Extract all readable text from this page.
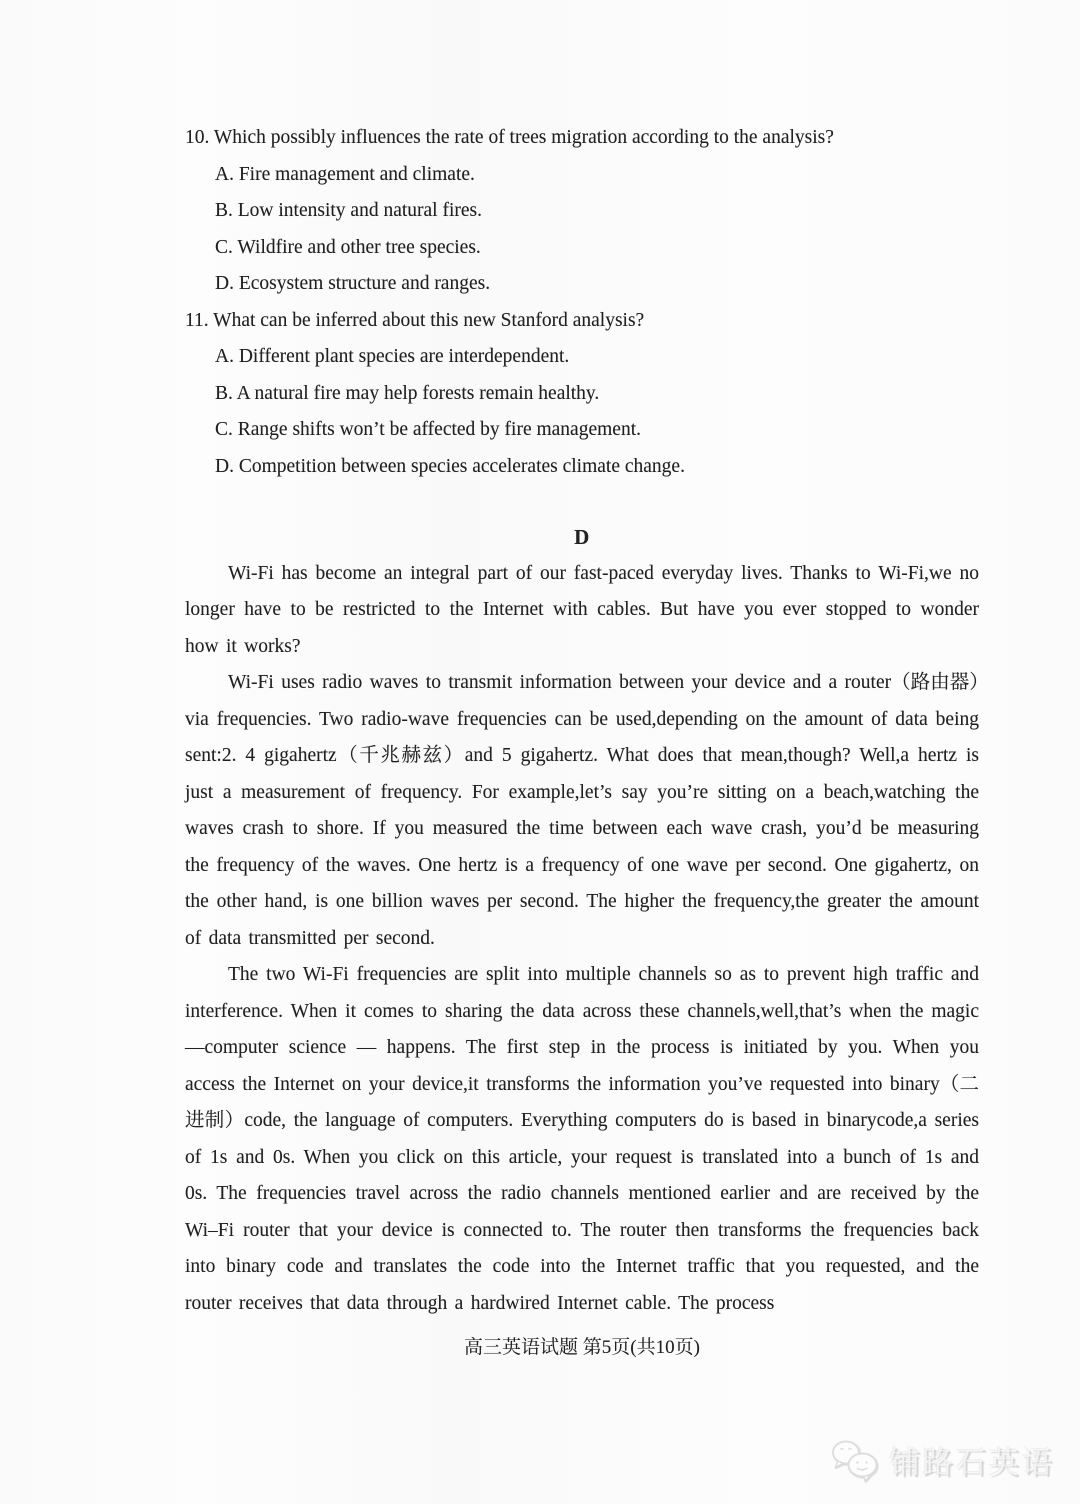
10. Which possibly influences the rate of trees migration according to the analysis?
A. Fire management and climate.
B. Low intensity and natural fires.
C. Wildfire and other tree species.
D. Ecosystem structure and ranges.
11. What can be inferred about this new Stanford analysis?
A. Different plant species are interdependent.
B. A natural fire may help forests remain healthy.
C. Range shifts won’t be affected by fire management.
D. Competition between species accelerates climate change.
D

Wi-Fi has become an integral part of our fast-paced everyday lives. Thanks to Wi-Fi,we no longer have to be restricted to the Internet with cables. But have you ever stopped to wonder how it works?

Wi-Fi uses radio waves to transmit information between your device and a router（路由器）via frequencies. Two radio-wave frequencies can be used,depending on the amount of data being sent:2. 4 gigahertz（千兆赫兹）and 5 gigahertz. What does that mean,though? Well,a hertz is just a measurement of frequency. For example,let’s say you’re sitting on a beach,watching the waves crash to shore. If you measured the time between each wave crash, you’d be measuring the frequency of the waves. One hertz is a frequency of one wave per second. One gigahertz, on the other hand, is one billion waves per second. The higher the frequency,the greater the amount of data transmitted per second.

The two Wi-Fi frequencies are split into multiple channels so as to prevent high traffic and interference. When it comes to sharing the data across these channels,well,that’s when the magic —computer science — happens. The first step in the process is initiated by you. When you access the Internet on your device,it transforms the information you’ve requested into binary（二进制）code, the language of computers. Everything computers do is based in binarycode,a series of 1s and 0s. When you click on this article, your request is translated into a bunch of 1s and 0s. The frequencies travel across the radio channels mentioned earlier and are received by the Wi–Fi router that your device is connected to. The router then transforms the frequencies back into binary code and translates the code into the Internet traffic that you requested, and the router receives that data through a hardwired Internet cable. The process

高三英语试题 第5页(共10页)
铺路石英语
